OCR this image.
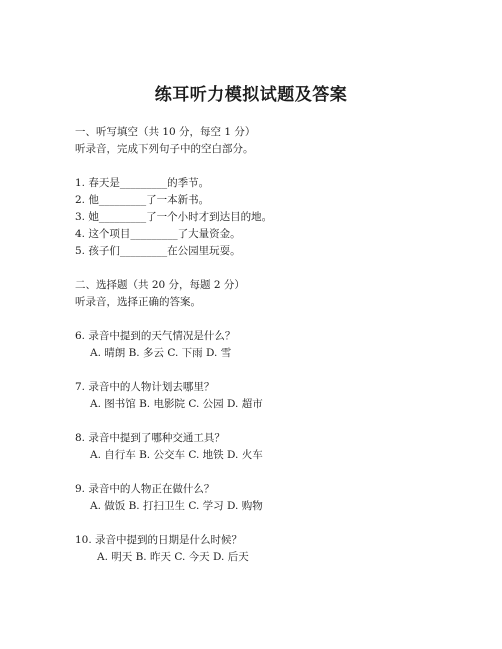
练耳听力模拟试题及答案
一、听写填空（共 10 分，每空 1 分）
听录音，完成下列句子中的空白部分。
1. 春天是_________的季节。
2. 他_________了一本新书。
3. 她_________了一个小时才到达目的地。
4. 这个项目_________了大量资金。
5. 孩子们_________在公园里玩耍。
二、选择题（共 20 分，每题 2 分）
听录音，选择正确的答案。
6. 录音中提到的天气情况是什么？
A. 晴朗 B. 多云 C. 下雨 D. 雪
7. 录音中的人物计划去哪里？
A. 图书馆 B. 电影院 C. 公园 D. 超市
8. 录音中提到了哪种交通工具？
A. 自行车 B. 公交车 C. 地铁 D. 火车
9. 录音中的人物正在做什么？
A. 做饭 B. 打扫卫生 C. 学习 D. 购物
10. 录音中提到的日期是什么时候？
A. 明天 B. 昨天 C. 今天 D. 后天
